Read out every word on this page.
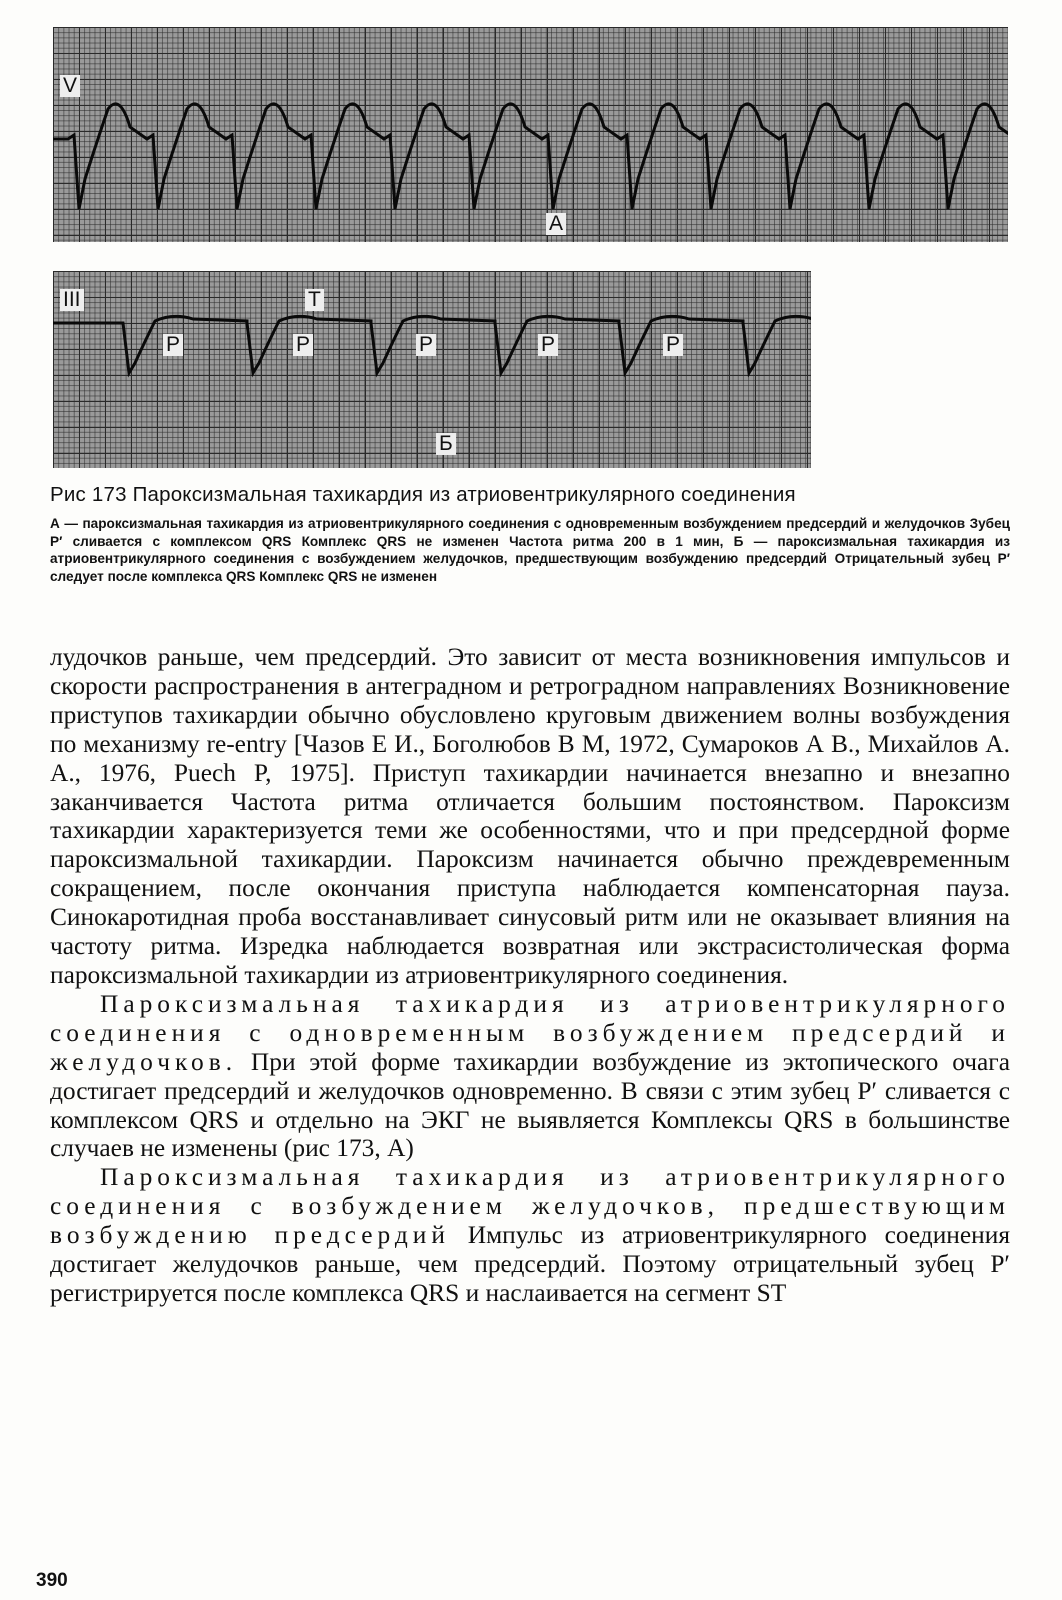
V
А
III	Т
Р	Р	Р	Р	Р
Б
Рис 173 Пароксизмальная тахикардия из атриовентрикулярного соединения
А — пароксизмальная тахикардия из атриовентрикулярного соединения с одновременным возбуждением предсердий и желудочков Зубец P′ сливается с комплексом QRS Комплекс QRS не изменен Частота ритма 200 в 1 мин, Б — пароксизмальная тахикардия из атриовентрикулярного соединения с возбуждением желудочков, предшествующим возбуждению предсердий Отрицательный зубец P′ следует после комплекса QRS Комплекс QRS не изменен

лудочков раньше, чем предсердий. Это зависит от места возникновения импульсов и скорости распространения в антеградном и ретроградном направлениях Возникновение приступов тахикардии обычно обусловлено круговым движением волны возбуждения по механизму re-entry [Чазов Е И., Боголюбов В М, 1972, Сумароков А В., Михайлов А. А., 1976, Puech P, 1975]. Приступ тахикардии начинается внезапно и внезапно заканчивается Частота ритма отличается большим постоянством. Пароксизм тахикардии характеризуется теми же особенностями, что и при предсердной форме пароксизмальной тахикардии. Пароксизм начинается обычно преждевременным сокращением, после окончания приступа наблюдается компенсаторная пауза. Синокаротидная проба восстанавливает синусовый ритм или не оказывает влияния на частоту ритма. Изредка наблюдается возвратная или экстрасистолическая форма пароксизмальной тахикардии из атриовентрикулярного соединения.

Пароксизмальная тахикардия из атриовентрикулярного соединения с одновременным возбуждением предсердий и желудочков. При этой форме тахикардии возбуждение из эктопического очага достигает предсердий и желудочков одновременно. В связи с этим зубец P′ сливается с комплексом QRS и отдельно на ЭКГ не выявляется Комплексы QRS в большинстве случаев не изменены (рис 173, А)

Пароксизмальная тахикардия из атриовентрикулярного соединения с возбуждением желудочков, предшествующим возбуждению предсердий Импульс из атриовентрикулярного соединения достигает желудочков раньше, чем предсердий. Поэтому отрицательный зубец P′ регистрируется после комплекса QRS и наслаивается на сегмент ST

390
